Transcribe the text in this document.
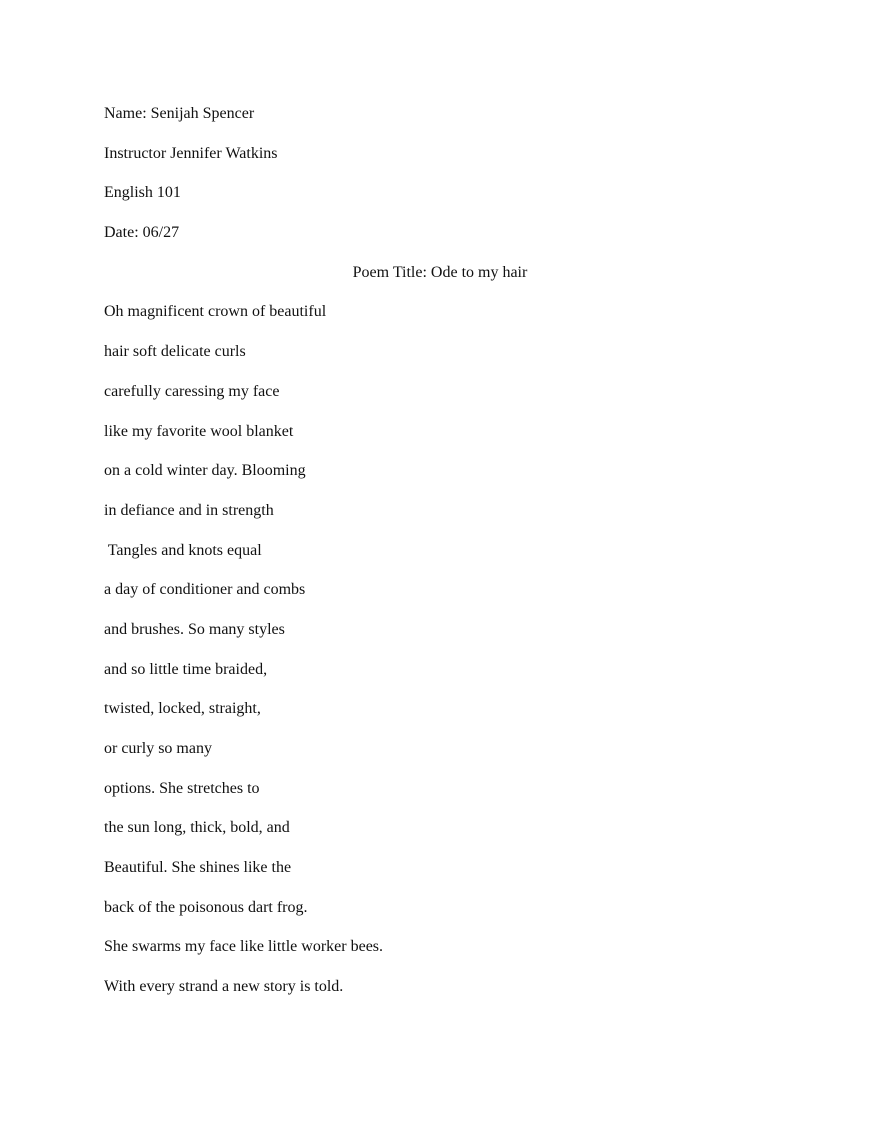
Name: Senijah Spencer
Instructor Jennifer Watkins
English 101
Date: 06/27
Poem Title: Ode to my hair
Oh magnificent crown of beautiful
hair soft delicate curls
carefully caressing my face
like my favorite wool blanket
on a cold winter day. Blooming
in defiance and in strength
Tangles and knots equal
a day of conditioner and combs
and brushes. So many styles
and so little time braided,
twisted, locked, straight,
or curly so many
options. She stretches to
the sun long, thick, bold, and
Beautiful. She shines like the
back of the poisonous dart frog.
She swarms my face like little worker bees.
With every strand a new story is told.
